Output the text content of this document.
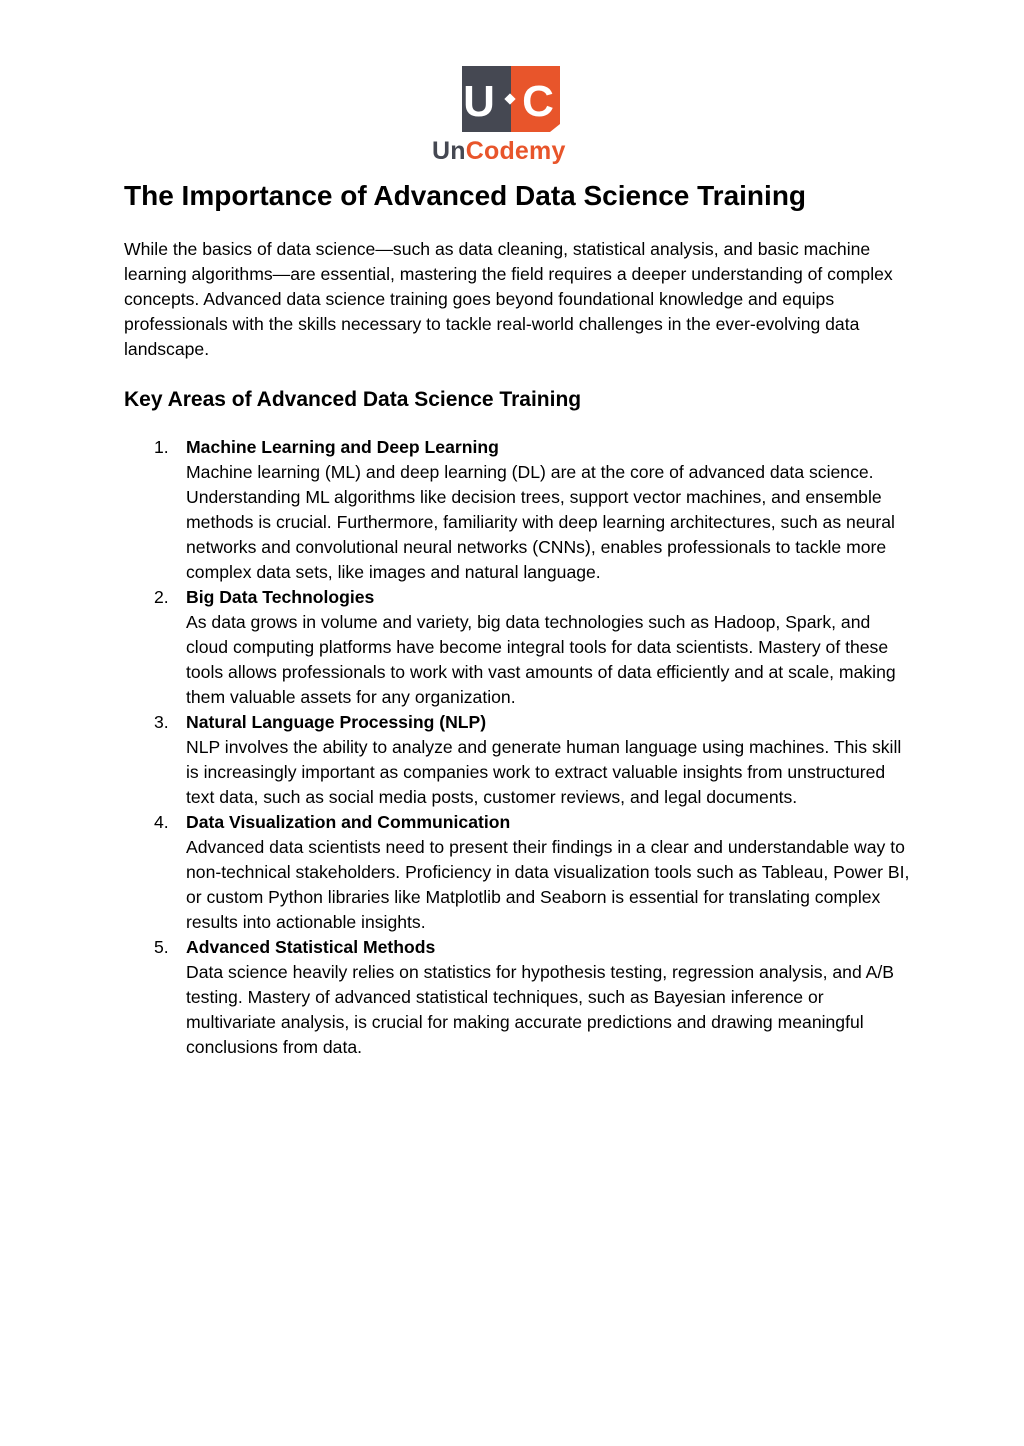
U C
UnCodemy
The Importance of Advanced Data Science Training

While the basics of data science—such as data cleaning, statistical analysis, and basic machine learning algorithms—are essential, mastering the field requires a deeper understanding of complex concepts. Advanced data science training goes beyond foundational knowledge and equips professionals with the skills necessary to tackle real-world challenges in the ever-evolving data landscape.

Key Areas of Advanced Data Science Training
1. Machine Learning and Deep Learning
Machine learning (ML) and deep learning (DL) are at the core of advanced data science. Understanding ML algorithms like decision trees, support vector machines, and ensemble methods is crucial. Furthermore, familiarity with deep learning architectures, such as neural networks and convolutional neural networks (CNNs), enables professionals to tackle more complex data sets, like images and natural language.
2. Big Data Technologies
As data grows in volume and variety, big data technologies such as Hadoop, Spark, and cloud computing platforms have become integral tools for data scientists. Mastery of these tools allows professionals to work with vast amounts of data efficiently and at scale, making them valuable assets for any organization.
3. Natural Language Processing (NLP)
NLP involves the ability to analyze and generate human language using machines. This skill is increasingly important as companies work to extract valuable insights from unstructured text data, such as social media posts, customer reviews, and legal documents.
4. Data Visualization and Communication
Advanced data scientists need to present their findings in a clear and understandable way to non-technical stakeholders. Proficiency in data visualization tools such as Tableau, Power BI, or custom Python libraries like Matplotlib and Seaborn is essential for translating complex results into actionable insights.
5. Advanced Statistical Methods
Data science heavily relies on statistics for hypothesis testing, regression analysis, and A/B testing. Mastery of advanced statistical techniques, such as Bayesian inference or multivariate analysis, is crucial for making accurate predictions and drawing meaningful conclusions from data.
